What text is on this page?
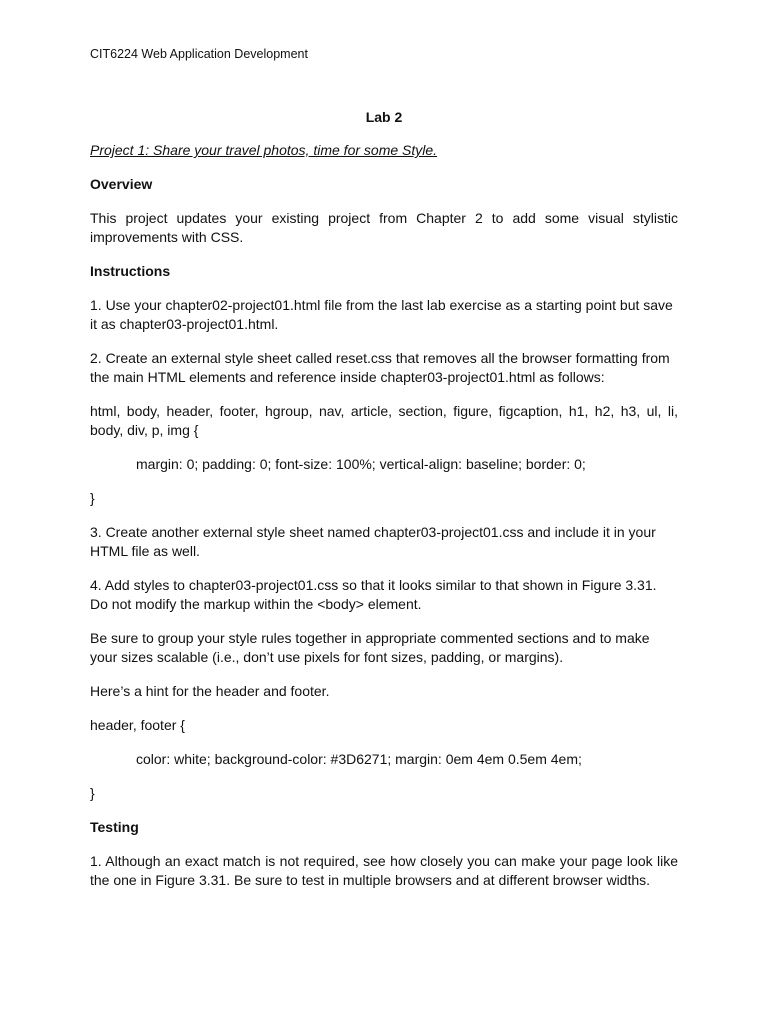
CIT6224 Web Application Development

Lab 2

Project 1: Share your travel photos, time for some Style.

Overview

This project updates your existing project from Chapter 2 to add some visual stylistic improvements with CSS.

Instructions

1. Use your chapter02-project01.html file from the last lab exercise as a starting point but save it as chapter03-project01.html.

2. Create an external style sheet called reset.css that removes all the browser formatting from the main HTML elements and reference inside chapter03-project01.html as follows:

html, body, header, footer, hgroup, nav, article, section, figure, figcaption, h1, h2, h3, ul, li, body, div, p, img {

margin: 0; padding: 0; font-size: 100%; vertical-align: baseline; border: 0;

}

3. Create another external style sheet named chapter03-project01.css and include it in your HTML file as well.

4. Add styles to chapter03-project01.css so that it looks similar to that shown in Figure 3.31. Do not modify the markup within the <body> element.

Be sure to group your style rules together in appropriate commented sections and to make your sizes scalable (i.e., don’t use pixels for font sizes, padding, or margins).

Here’s a hint for the header and footer.

header, footer {

color: white; background-color: #3D6271; margin: 0em 4em 0.5em 4em;

}

Testing

1. Although an exact match is not required, see how closely you can make your page look like the one in Figure 3.31. Be sure to test in multiple browsers and at different browser widths.
